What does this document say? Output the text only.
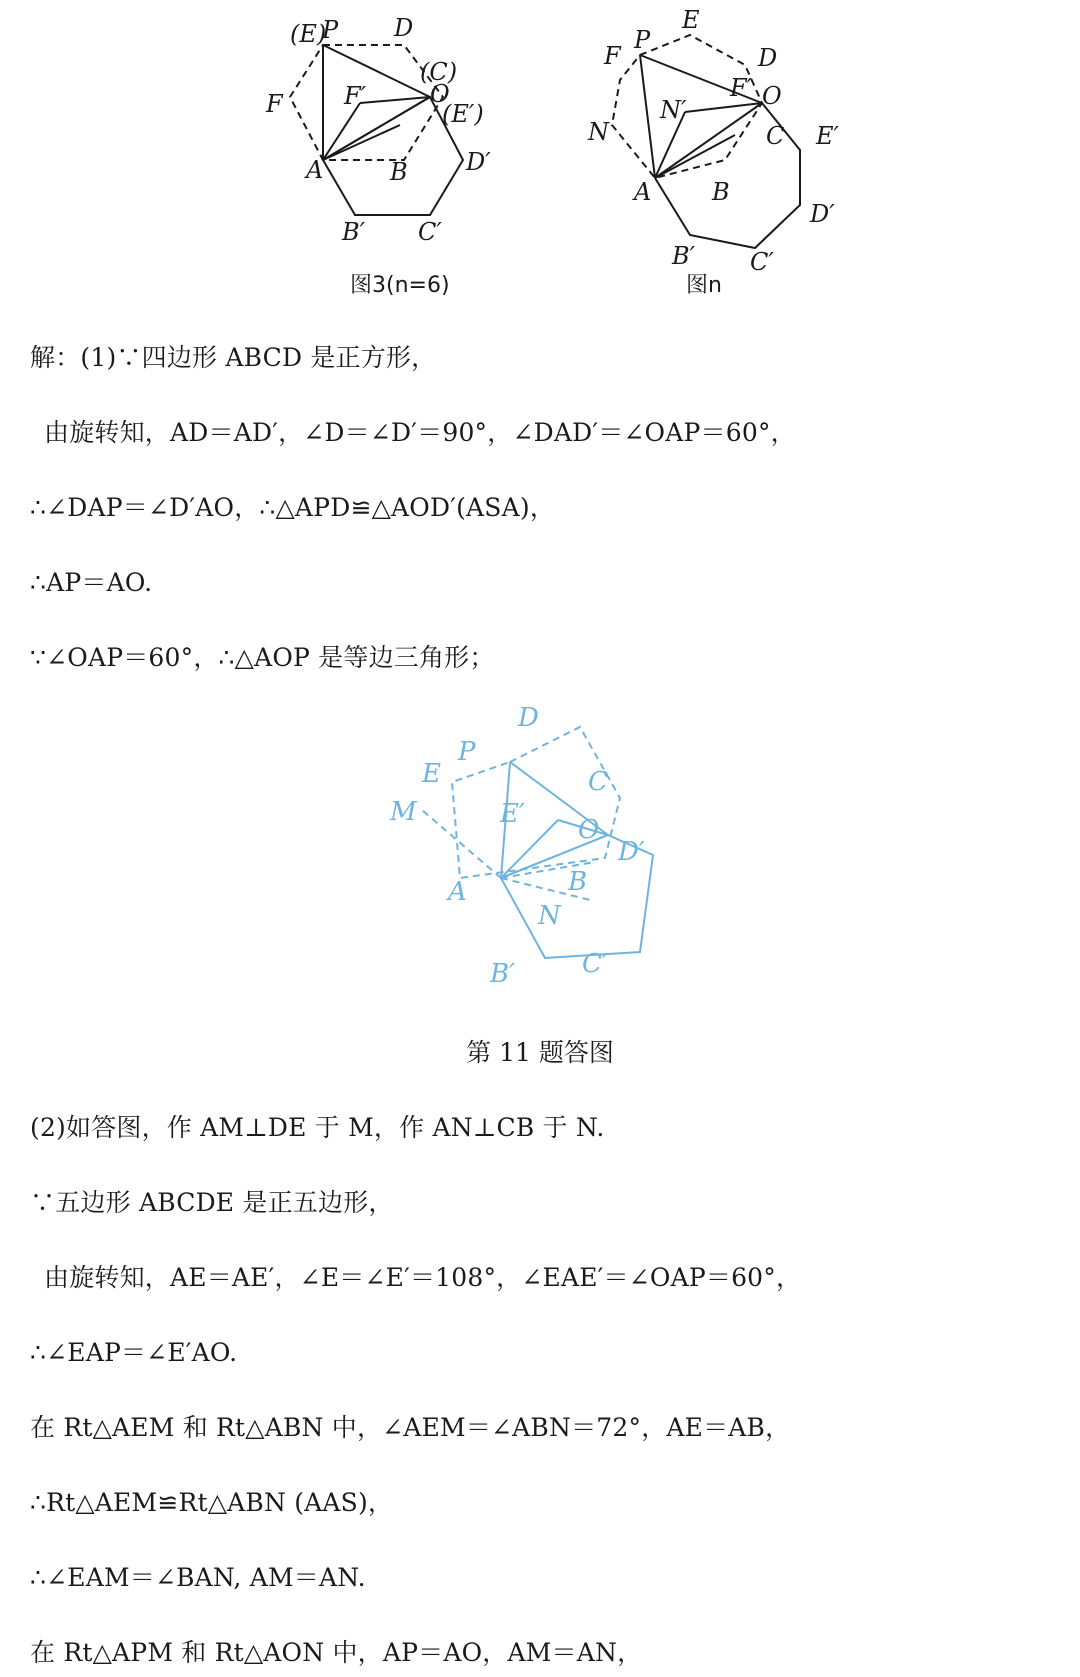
(E)
P D
F	F′
(C)
O
(E′)
A	B D′
B′ C′
图3(n=6)
E
P
F	D
N
N′
F′ O
C E′
A	B
D′
B′ C′
图n
解：(1)∵四边形 ABCD 是正方形，
由旋转知，AD＝AD′，∠D＝∠D′＝90°，∠DAD′＝∠OAP＝60°，
∴∠DAP＝∠D′AO，∴△APD≌△AOD′(ASA)，
∴AP＝AO.
∵∠OAP＝60°，∴△AOP 是等边三角形；
D
P
E	C
M	E′
O
D′
B
A
N
B′	C′
第 11 题答图
(2)如答图，作 AM⊥DE 于 M，作 AN⊥CB 于 N.
∵五边形 ABCDE 是正五边形，
由旋转知，AE＝AE′，∠E＝∠E′＝108°，∠EAE′＝∠OAP＝60°，
∴∠EAP＝∠E′AO.
在 Rt△AEM 和 Rt△ABN 中，∠AEM＝∠ABN＝72°，AE＝AB，
∴Rt△AEM≌Rt△ABN (AAS)，
∴∠EAM＝∠BAN, AM＝AN.
在 Rt△APM 和 Rt△AON 中，AP＝AO，AM＝AN，
